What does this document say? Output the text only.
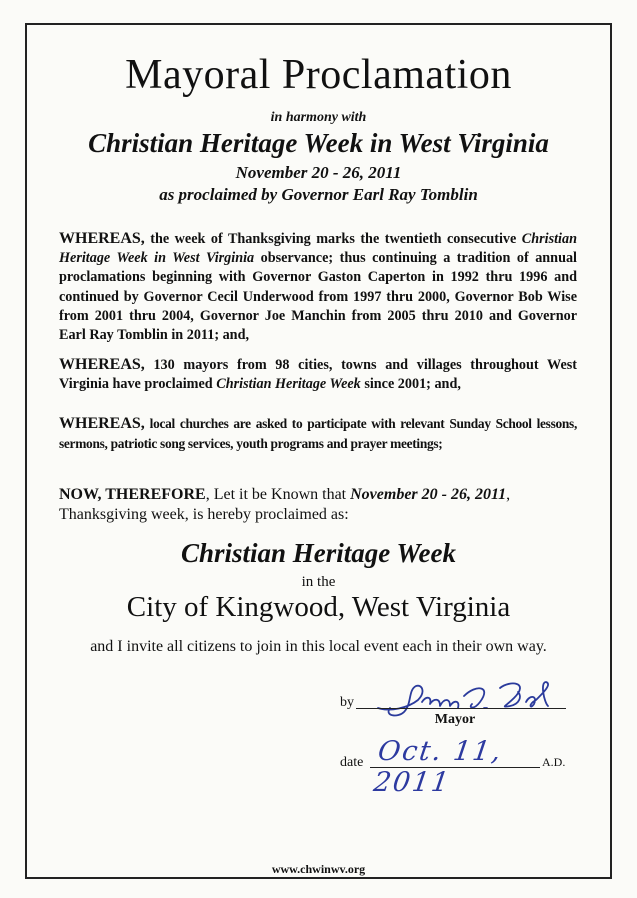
Mayoral Proclamation
in harmony with
Christian Heritage Week in West Virginia
November 20 - 26, 2011
as proclaimed by Governor Earl Ray Tomblin

WHEREAS, the week of Thanksgiving marks the twentieth consecutive Christian Heritage Week in West Virginia observance; thus continuing a tradition of annual proclamations beginning with Governor Gaston Caperton in 1992 thru 1996 and continued by Governor Cecil Underwood from 1997 thru 2000, Governor Bob Wise from 2001 thru 2004, Governor Joe Manchin from 2005 thru 2010 and Governor Earl Ray Tomblin in 2011; and,

WHEREAS, 130 mayors from 98 cities, towns and villages throughout West Virginia have proclaimed Christian Heritage Week since 2001; and,

WHEREAS, local churches are asked to participate with relevant Sunday School lessons, sermons, patriotic song services, youth programs and prayer meetings;

NOW, THEREFORE, Let it be Known that November 20 - 26, 2011, Thanksgiving week, is hereby proclaimed as:

Christian Heritage Week
in the
City of Kingwood, West Virginia
and I invite all citizens to join in this local event each in their own way.
by
Mayor
date Oct. 11, 2011
A.D.
www.chwinwv.org
